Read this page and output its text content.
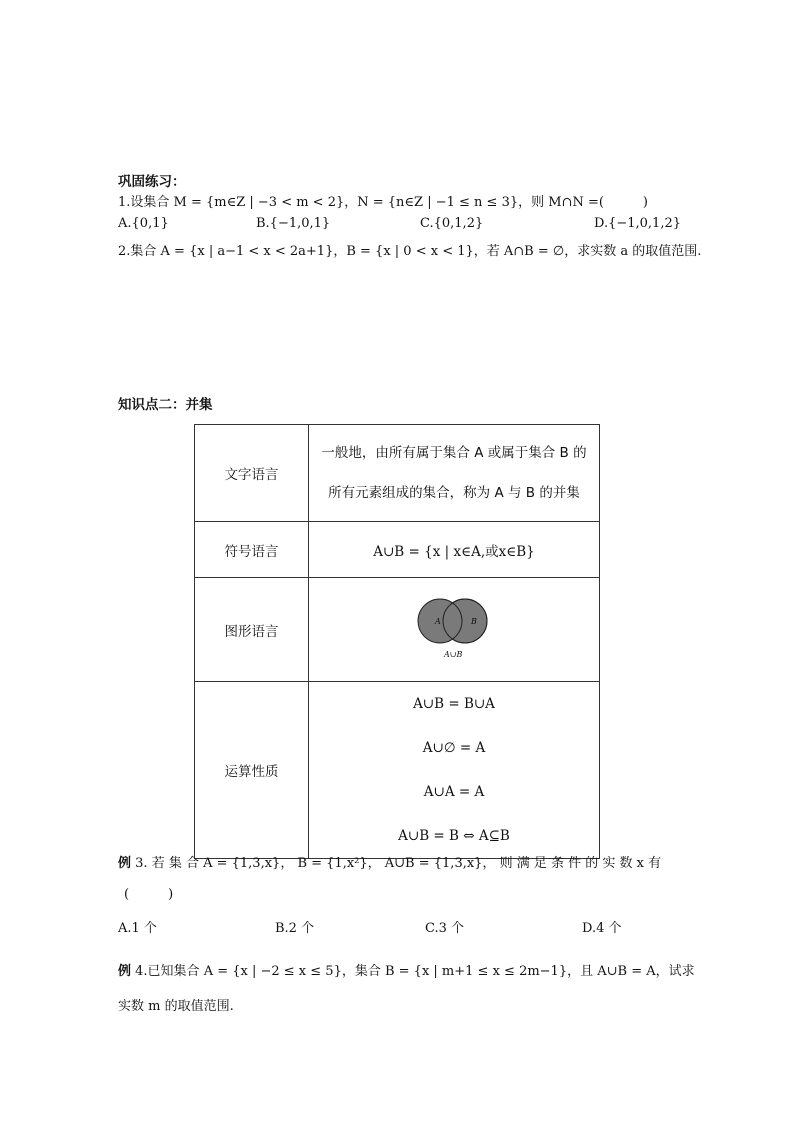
巩固练习：
1.设集合 M = {m∈Z | −3 < m < 2}，N = {n∈Z | −1 ≤ n ≤ 3}，则 M∩N =(　　　)
A.{0,1}	B.{−1,0,1}	C.{0,1,2}	D.{−1,0,1,2}
2.集合 A = {x | a−1 < x < 2a+1}，B = {x | 0 < x < 1}，若 A∩B = ∅，求实数 a 的取值范围.
知识点二：并集
文字语言	一般地，由所有属于集合 A 或属于集合 B 的
所有元素组成的集合，称为 A 与 B 的并集

符号语言	A∪B = {x | x∈A,或x∈B}
图形语言	A B
A∪B

运算性质	A∪B = B∪A
A∪∅ = A
A∪A = A
A∪B = B ⇔ A⊆B
例 3. 若 集 合 A = {1,3,x}， B = {1,x²}， A∪B = {1,3,x}， 则 满 足 条 件 的 实 数 x 有
(　　　)
A.1 个	B.2 个	C.3 个	D.4 个
例 4.已知集合 A = {x | −2 ≤ x ≤ 5}，集合 B = {x | m+1 ≤ x ≤ 2m−1}，且 A∪B = A，试求
实数 m 的取值范围.
